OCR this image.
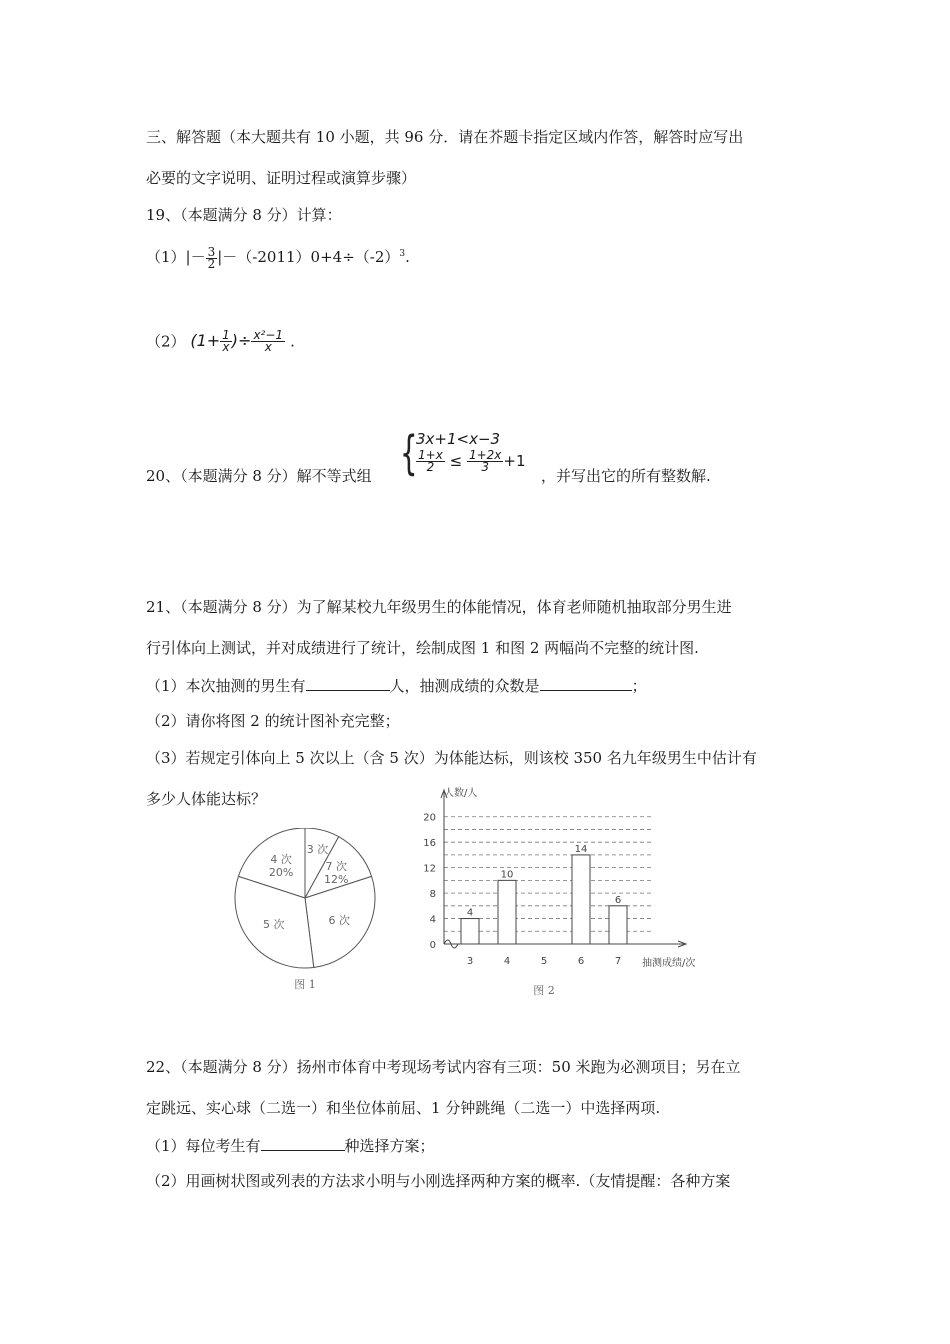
三、解答题（本大题共有 10 小题，共 96 分．请在芥题卡指定区域内作答，解答时应写出
必要的文字说明、证明过程或演算步骤）
19、（本题满分 8 分）计算：
$(1)|- \frac{3}{2} |-(-2011)0+4\div(-2)^3$.
（2） ($1+ \frac{1}{x}$ )÷ $\frac{\text{x²−1}}{x}$ .
20、（本题满分 8 分）解不等式组 {
3x+1<x−3
$\frac{1+x}{2} \le \frac{1+2x}{3} +1$
，并写出它的所有整数解.
21、（本题满分 8 分）为了解某校九年级男生的体能情况，体育老师随机抽取部分男生进
行引体向上测试，并对成绩进行了统计，绘制成图 1 和图 2 两幅尚不完整的统计图.
（1）本次抽测的男生有	人，抽测成绩的众数是	；
（2）请你将图 2 的统计图补充完整；
（3）若规定引体向上 5 次以上（含 5 次）为体能达标，则该校 350 名九年级男生中估计有
多少人体能达标？
4 次
20%
3 次
7 次
12%
6 次
5 次
图 1
0
4
8
12
16
20
3	4	5	6	7
4
10
14
6
人数/人
抽测成绩/次
图 2
22、（本题满分 8 分）扬州市体育中考现场考试内容有三项：50 米跑为必测项目；另在立
定跳远、实心球（二选一）和坐位体前屈、1 分钟跳绳（二选一）中选择两项.
（1）每位考生有	种选择方案；
（2）用画树状图或列表的方法求小明与小刚选择两种方案的概率.（友情提醒：各种方案
